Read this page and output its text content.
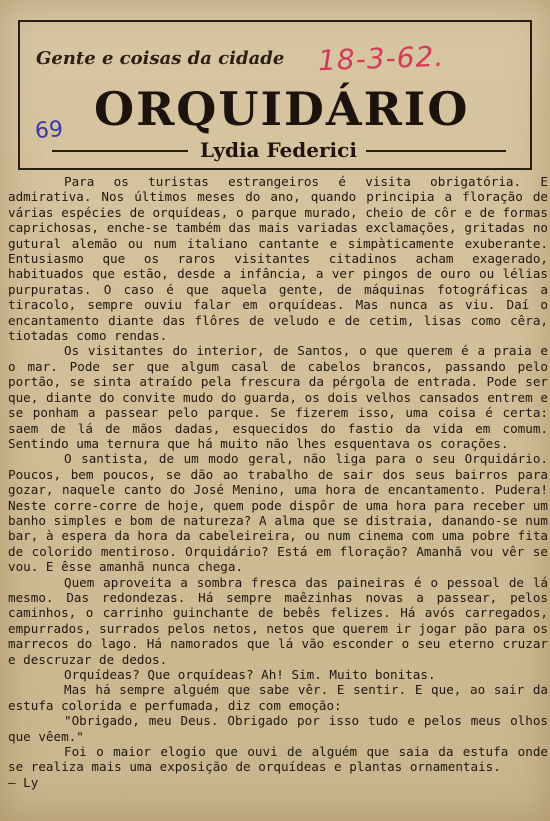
Gente e coisas da cidade 18-3-62.
69 ORQUIDÁRIO
Lydia Federici

Para os turistas estrangeiros é visita obrigatória. E admirativa. Nos últimos meses do ano, quando principia a floração de várias espécies de orquídeas, o parque murado, cheio de côr e de formas caprichosas, enche-se também das mais variadas exclamações, gritadas no gutural alemão ou num italiano cantante e simpàticamente exuberante. Entusiasmo que os raros visitantes citadinos acham exagerado, habituados que estão, desde a infância, a ver pingos de ouro ou lélias purpuratas. O caso é que aquela gente, de máquinas fotográficas a tiracolo, sempre ouviu falar em orquídeas. Mas nunca as viu. Daí o encantamento diante das flôres de veludo e de cetim, lisas como cêra, tiotadas como rendas.

Os visitantes do interior, de Santos, o que querem é a praia e o mar. Pode ser que algum casal de cabelos brancos, passando pelo portão, se sinta atraído pela frescura da pérgola de entrada. Pode ser que, diante do convite mudo do guarda, os dois velhos cansados entrem e se ponham a passear pelo parque. Se fizerem isso, uma coisa é certa: saem de lá de mãos dadas, esquecidos do fastio da vida em comum. Sentindo uma ternura que há muito não lhes esquentava os corações.

O santista, de um modo geral, não liga para o seu Orquidário. Poucos, bem poucos, se dão ao trabalho de sair dos seus bairros para gozar, naquele canto do José Menino, uma hora de encantamento. Pudera! Neste corre-corre de hoje, quem pode dispôr de uma hora para receber um banho simples e bom de natureza? A alma que se distraia, danando-se num bar, à espera da hora da cabeleireira, ou num cinema com uma pobre fita de colorido mentiroso. Orquidário? Está em floração? Amanhã vou vêr se vou. E êsse amanhã nunca chega.

Quem aproveita a sombra fresca das paineiras é o pessoal de lá mesmo. Das redondezas. Há sempre maêzinhas novas a passear, pelos caminhos, o carrinho guinchante de bebês felizes. Há avós carregados, empurrados, surrados pelos netos, netos que querem ir jogar pão para os marrecos do lago. Há namorados que lá vão esconder o seu eterno cruzar e descruzar de dedos.

Orquídeas? Que orquídeas? Ah! Sim. Muito bonitas.

Mas há sempre alguém que sabe vêr. E sentir. E que, ao sair da estufa colorida e perfumada, diz com emoção:

"Obrigado, meu Deus. Obrigado por isso tudo e pelos meus olhos que vêem."

Foi o maior elogio que ouvi de alguém que saia da estufa onde se realiza mais uma exposição de orquídeas e plantas ornamentais.

— Ly
